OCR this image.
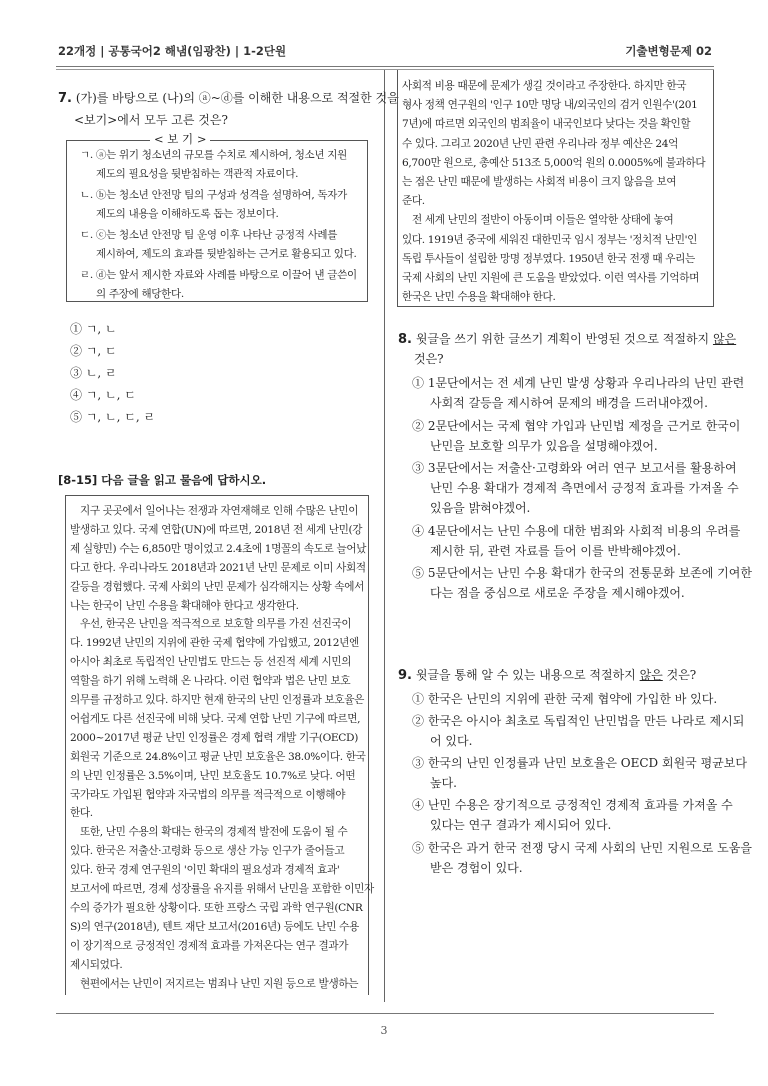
22개정 | 공통국어2 해냄(임광찬) | 1-2단원	기출변형문제 02
7. (가)를 바탕으로 (나)의 ⓐ~ⓓ를 이해한 내용으로 적절한 것을
<보기>에서 모두 고른 것은?
< 보 기 >
ㄱ. ⓐ는 위기 청소년의 규모를 수치로 제시하여, 청소년 지원
제도의 필요성을 뒷받침하는 객관적 자료이다.
ㄴ. ⓑ는 청소년 안전망 팀의 구성과 성격을 설명하여, 독자가
제도의 내용을 이해하도록 돕는 정보이다.
ㄷ. ⓒ는 청소년 안전망 팀 운영 이후 나타난 긍정적 사례를
제시하여, 제도의 효과를 뒷받침하는 근거로 활용되고 있다.
ㄹ. ⓓ는 앞서 제시한 자료와 사례를 바탕으로 이끌어 낸 글쓴이
의 주장에 해당한다.
① ㄱ, ㄴ
② ㄱ, ㄷ
③ ㄴ, ㄹ
④ ㄱ, ㄴ, ㄷ
⑤ ㄱ, ㄴ, ㄷ, ㄹ
[8-15] 다음 글을 읽고 물음에 답하시오.
지구 곳곳에서 일어나는 전쟁과 자연재해로 인해 수많은 난민이
발생하고 있다. 국제 연합(UN)에 따르면, 2018년 전 세계 난민(강
제 실향민) 수는 6,850만 명이었고 2.4초에 1명꼴의 속도로 늘어났
다고 한다. 우리나라도 2018년과 2021년 난민 문제로 이미 사회적
갈등을 경험했다. 국제 사회의 난민 문제가 심각해지는 상황 속에서
나는 한국이 난민 수용을 확대해야 한다고 생각한다.
우선, 한국은 난민을 적극적으로 보호할 의무를 가진 선진국이
다. 1992년 난민의 지위에 관한 국제 협약에 가입했고, 2012년엔
아시아 최초로 독립적인 난민법도 만드는 등 선진적 세계 시민의
역할을 하기 위해 노력해 온 나라다. 이런 협약과 법은 난민 보호
의무를 규정하고 있다. 하지만 현재 한국의 난민 인정률과 보호율은
어쉽게도 다른 선진국에 비해 낮다. 국제 연합 난민 기구에 따르면,
2000~2017년 평균 난민 인정률은 경제 협력 개발 기구(OECD)
회원국 기준으로 24.8%이고 평균 난민 보호율은 38.0%이다. 한국
의 난민 인정률은 3.5%이며, 난민 보호율도 10.7%로 낮다. 어떤
국가라도 가입된 협약과 자국법의 의무를 적극적으로 이행해야
한다.
또한, 난민 수용의 확대는 한국의 경제적 발전에 도움이 될 수
있다. 한국은 저출산·고령화 등으로 생산 가능 인구가 줄어들고
있다. 한국 경제 연구원의 '이민 확대의 필요성과 경제적 효과'
보고서에 따르면, 경제 성장률을 유지를 위해서 난민을 포함한 이민자
수의 증가가 필요한 상황이다. 또한 프랑스 국립 과학 연구원(CNR
S)의 연구(2018년), 텐트 재단 보고서(2016년) 등에도 난민 수용
이 장기적으로 긍정적인 경제적 효과를 가져온다는 연구 결과가
제시되었다.
현편에서는 난민이 저지르는 범죄나 난민 지원 등으로 발생하는
사회적 비용 때문에 문제가 생길 것이라고 주장한다. 하지만 한국
형사 정책 연구원의 '인구 10만 명당 내/외국인의 검거 인원수'(201
7년)에 따르면 외국인의 범죄율이 내국인보다 낮다는 것을 확인할
수 있다. 그리고 2020년 난민 관련 우리나라 정부 예산은 24억
6,700만 원으로, 총예산 513조 5,000억 원의 0.0005%에 불과하다
는 점은 난민 때문에 발생하는 사회적 비용이 크지 않음을 보여
준다.
전 세계 난민의 절반이 아동이며 이들은 열악한 상태에 놓여
있다. 1919년 중국에 세워진 대한민국 임시 정부는 '정치적 난민'인
독립 투사들이 설립한 망명 정부였다. 1950년 한국 전쟁 때 우리는
국제 사회의 난민 지원에 큰 도움을 받았었다. 이런 역사를 기억하며
한국은 난민 수용을 확대해야 한다.
8. 윗글을 쓰기 위한 글쓰기 계획이 반영된 것으로 적절하지 않은
것은?
① 1문단에서는 전 세계 난민 발생 상황과 우리나라의 난민 관련
사회적 갈등을 제시하여 문제의 배경을 드러내야겠어.
② 2문단에서는 국제 협약 가입과 난민법 제정을 근거로 한국이
난민을 보호할 의무가 있음을 설명해야겠어.
③ 3문단에서는 저출산·고령화와 여러 연구 보고서를 활용하여
난민 수용 확대가 경제적 측면에서 긍정적 효과를 가져올 수
있음을 밝혀야겠어.
④ 4문단에서는 난민 수용에 대한 범죄와 사회적 비용의 우려를
제시한 뒤, 관련 자료를 들어 이를 반박해야겠어.
⑤ 5문단에서는 난민 수용 확대가 한국의 전통문화 보존에 기여한
다는 점을 중심으로 새로운 주장을 제시해야겠어.
9. 윗글을 통해 알 수 있는 내용으로 적절하지 않은 것은?
① 한국은 난민의 지위에 관한 국제 협약에 가입한 바 있다.
② 한국은 아시아 최초로 독립적인 난민법을 만든 나라로 제시되
어 있다.
③ 한국의 난민 인정률과 난민 보호율은 OECD 회원국 평균보다
높다.
④ 난민 수용은 장기적으로 긍정적인 경제적 효과를 가져올 수
있다는 연구 결과가 제시되어 있다.
⑤ 한국은 과거 한국 전쟁 당시 국제 사회의 난민 지원으로 도움을
받은 경험이 있다.
3
